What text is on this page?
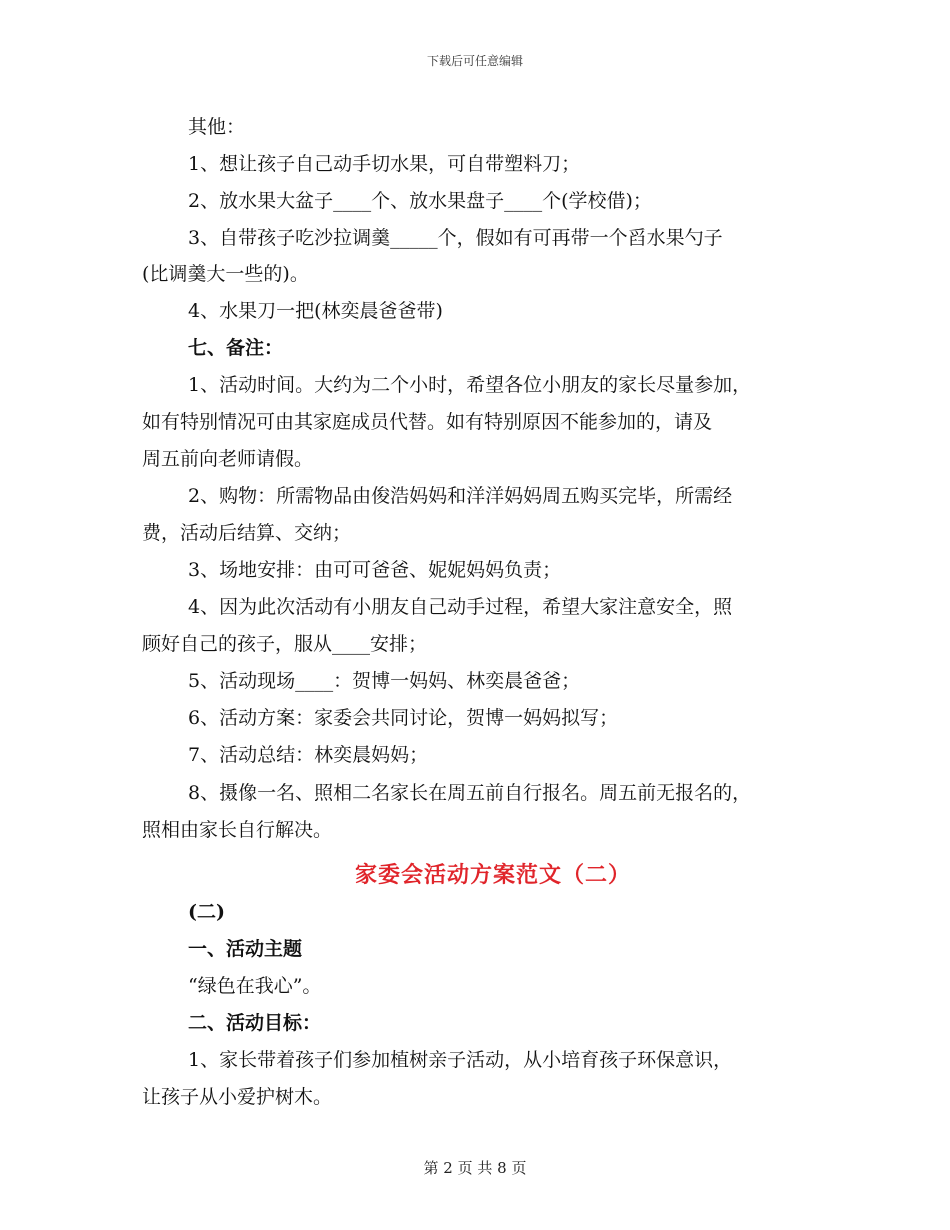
下载后可任意编辑
其他：
1、想让孩子自己动手切水果，可自带塑料刀；
2、放水果大盆子____个、放水果盘子____个(学校借)；
3、自带孩子吃沙拉调羹_____个，假如有可再带一个舀水果勺子
(比调羹大一些的)。
4、水果刀一把(林奕晨爸爸带)
七、备注：
1、活动时间。大约为二个小时，希望各位小朋友的家长尽量参加，
如有特别情况可由其家庭成员代替。如有特别原因不能参加的，请及
周五前向老师请假。
2、购物：所需物品由俊浩妈妈和洋洋妈妈周五购买完毕，所需经
费，活动后结算、交纳；
3、场地安排：由可可爸爸、妮妮妈妈负责；
4、因为此次活动有小朋友自己动手过程，希望大家注意安全，照
顾好自己的孩子，服从____安排；
5、活动现场____：贺博一妈妈、林奕晨爸爸；
6、活动方案：家委会共同讨论，贺博一妈妈拟写；
7、活动总结：林奕晨妈妈；
8、摄像一名、照相二名家长在周五前自行报名。周五前无报名的，
照相由家长自行解决。
家委会活动方案范文（二）
(二)
一、活动主题
“绿色在我心”。
二、活动目标：
1、家长带着孩子们参加植树亲子活动，从小培育孩子环保意识，
让孩子从小爱护树木。
第 2 页 共 8 页
